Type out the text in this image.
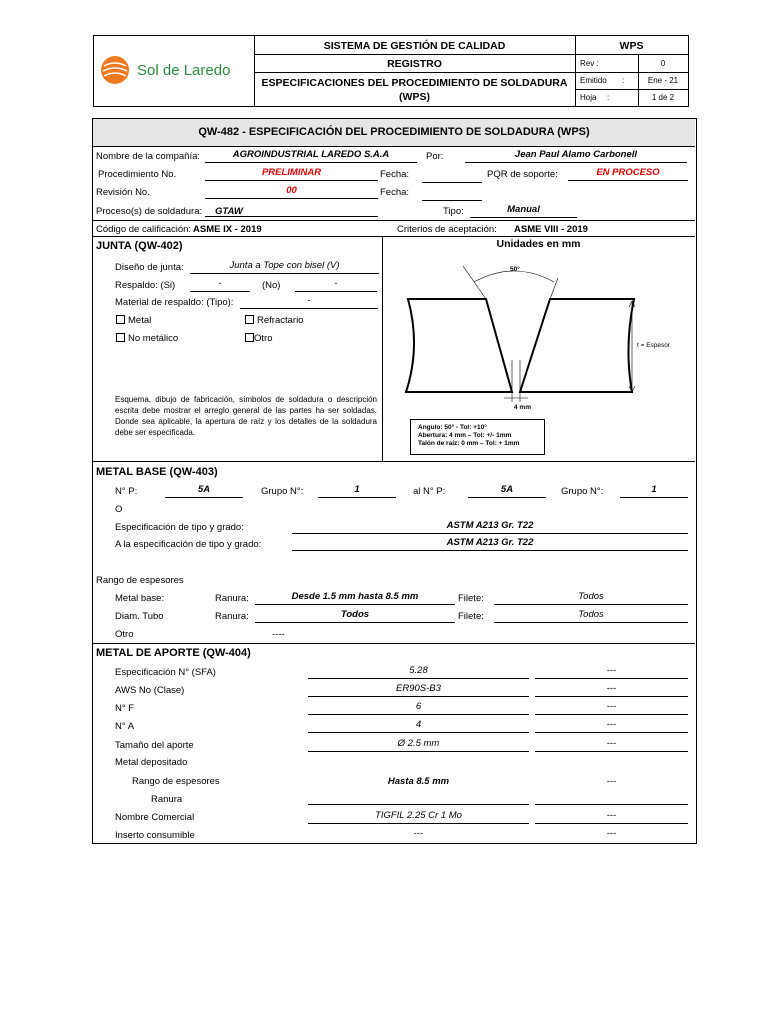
Sol de Laredo
SISTEMA DE GESTIÓN DE CALIDAD
REGISTRO
ESPECIFICACIONES DEL PROCEDIMIENTO DE SOLDADURA
(WPS)
WPS
Rev :	0
Emitido :	Ene - 21
Hoja :	1 de 2
QW-482 - ESPECIFICACIÓN DEL PROCEDIMIENTO DE SOLDADURA (WPS)
Nombre de la compañía:	AGROINDUSTRIAL LAREDO S.A.A	Por:	Jean Paul Alamo Carbonell
Procedimiento No.	PRELIMINAR	Fecha:	PQR de soporte:	EN PROCESO
Revisión No.	00	Fecha:
Proceso(s) de soldadura: GTAW	Tipo:	Manual
Código de calificación: ASME IX - 2019	Criterios de aceptación: ASME VIII - 2019
JUNTA (QW-402)	Unidades en mm
Diseño de junta:	Junta a Tope con bisel (V)
Respaldo: (Si)	-	(No)	-
Material de respaldo: (Tipo):	-
Metal	Refractario
No metálico	Otro
Esquema, dibujo de fabricación, símbolos de soldadura o descripción escrita debe mostrar el arreglo general de las partes ha ser soldadas. Donde sea aplicable, la apertura de raíz y los detalles de la soldadura debe ser especificada.
50°
t = Espesor
4 mm
Angulo: 50° - Tol: +10°
Abertura: 4 mm – Tol: +/- 1mm
Talón de raíz: 0 mm – Tol: + 1mm
METAL BASE (QW-403)
N° P:	5A	Grupo N°:	1	al N° P:	5A	Grupo N°:	1
O
Especificación de tipo y grado:	ASTM A213 Gr. T22
A la especificación de tipo y grado:	ASTM A213 Gr. T22
Rango de espesores
Metal base:	Ranura:	Desde 1.5 mm hasta 8.5 mm	Filete:	Todos
Diam. Tubo	Ranura:	Todos	Filete:	Todos
Otro	----
METAL DE APORTE (QW-404)
Especificación N° (SFA)	5.28	---
AWS No (Clase)	ER90S-B3	---
N° F	6	---
N° A	4	---
Tamaño del aporte	Ø 2.5 mm	---
Metal depositado
Rango de espesores	Hasta 8.5 mm	---
Ranura
Nombre Comercial	TIGFIL 2.25 Cr 1 Mo	---
Inserto consumible	---	---
